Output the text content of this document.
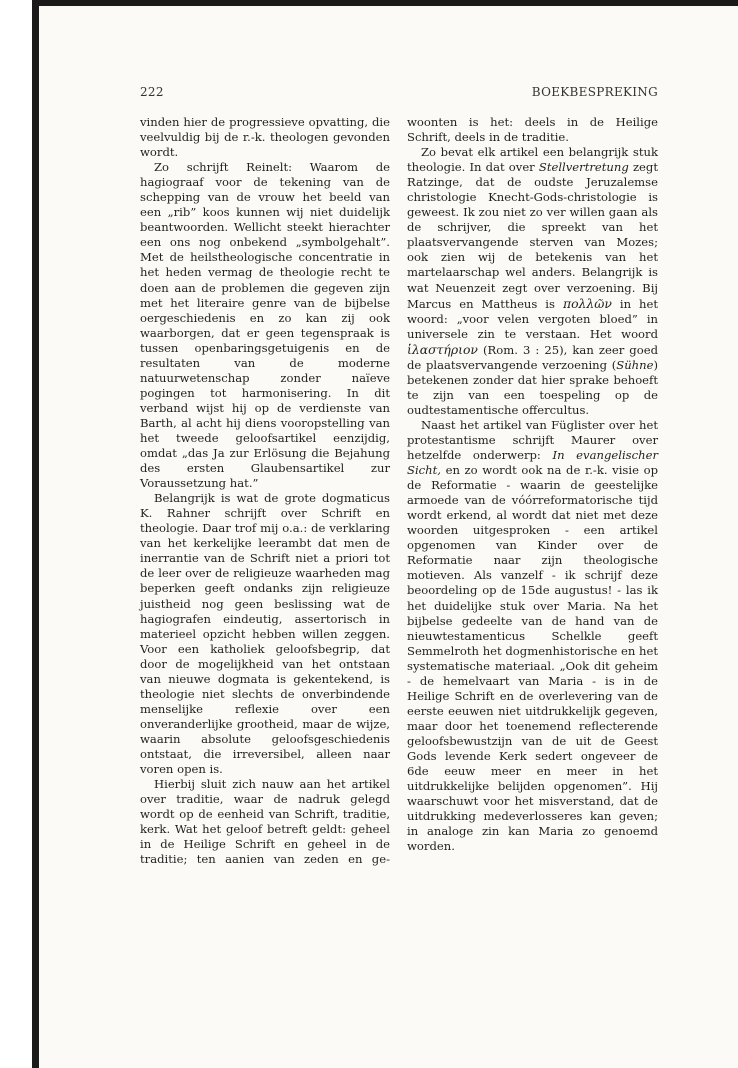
222	BOEKBESPREKING

vinden hier de progressieve opvatting, die veelvuldig bij de r.-k. theologen gevonden wordt.

Zo schrijft Reinelt: Waarom de hagiograaf voor de tekening van de schepping van de vrouw het beeld van een „rib” koos kunnen wij niet duidelijk beantwoorden. Wellicht steekt hierachter een ons nog onbekend „symbolgehalt”. Met de heilstheologische concentratie in het heden vermag de theologie recht te doen aan de problemen die gegeven zijn met het literaire genre van de bijbelse oergeschiedenis en zo kan zij ook waarborgen, dat er geen tegenspraak is tussen openbaringsgetuigenis en de resultaten van de moderne natuurwetenschap zonder naïeve pogingen tot harmonisering. In dit verband wijst hij op de verdienste van Barth, al acht hij diens vooropstelling van het tweede geloofsartikel eenzijdig, omdat „das Ja zur Erlösung die Bejahung des ersten Glaubensartikel zur Voraussetzung hat.”

Belangrijk is wat de grote dogmaticus K. Rahner schrijft over Schrift en theologie. Daar trof mij o.a.: de verklaring van het kerkelijke leerambt dat men de inerrantie van de Schrift niet a priori tot de leer over de religieuze waarheden mag beperken geeft ondanks zijn religieuze juistheid nog geen beslissing wat de hagiografen eindeutig, assertorisch in materieel opzicht hebben willen zeggen. Voor een katholiek geloofsbegrip, dat door de mogelijkheid van het ontstaan van nieuwe dogmata is gekentekend, is theologie niet slechts de onverbindende menselijke reflexie over een onveranderlijke grootheid, maar de wijze, waarin absolute geloofsgeschiedenis ontstaat, die irreversibel, alleen naar voren open is.

Hierbij sluit zich nauw aan het artikel over traditie, waar de nadruk gelegd wordt op de eenheid van Schrift, traditie, kerk. Wat het geloof betreft geldt: geheel in de Heilige Schrift en geheel in de traditie; ten aanien van zeden en ge-

woonten is het: deels in de Heilige Schrift, deels in de traditie.

Zo bevat elk artikel een belangrijk stuk theologie. In dat over Stellvertretung zegt Ratzinge, dat de oudste Jeruzalemse christologie Knecht-Gods-christologie is geweest. Ik zou niet zo ver willen gaan als de schrijver, die spreekt van het plaatsvervangende sterven van Mozes; ook zien wij de betekenis van het martelaarschap wel anders. Belangrijk is wat Neuenzeit zegt over verzoening. Bij Marcus en Mattheus is πολλῶν in het woord: „voor velen vergoten bloed” in universele zin te verstaan. Het woord ἱλαστήριον (Rom. 3 : 25), kan zeer goed de plaatsvervangende verzoening (Sühne) betekenen zonder dat hier sprake behoeft te zijn van een toespeling op de oudtestamentische offercultus.

Naast het artikel van Füglister over het protestantisme schrijft Maurer over hetzelfde onderwerp: In evangelischer Sicht, en zo wordt ook na de r.-k. visie op de Reformatie - waarin de geestelijke armoede van de vóórreformatorische tijd wordt erkend, al wordt dat niet met deze woorden uitgesproken - een artikel opgenomen van Kinder over de Reformatie naar zijn theologische motieven. Als vanzelf - ik schrijf deze beoordeling op de 15de augustus! - las ik het duidelijke stuk over Maria. Na het bijbelse gedeelte van de hand van de nieuwtestamenticus Schelkle geeft Semmelroth het dogmenhistorische en het systematische materiaal. „Ook dit geheim - de hemelvaart van Maria - is in de Heilige Schrift en de overlevering van de eerste eeuwen niet uitdrukkelijk gegeven, maar door het toenemend reflecterende geloofsbewustzijn van de uit de Geest Gods levende Kerk sedert ongeveer de 6de eeuw meer en meer in het uitdrukkelijke belijden opgenomen”. Hij waarschuwt voor het misverstand, dat de uitdrukking medeverlosseres kan geven; in analoge zin kan Maria zo genoemd worden.
